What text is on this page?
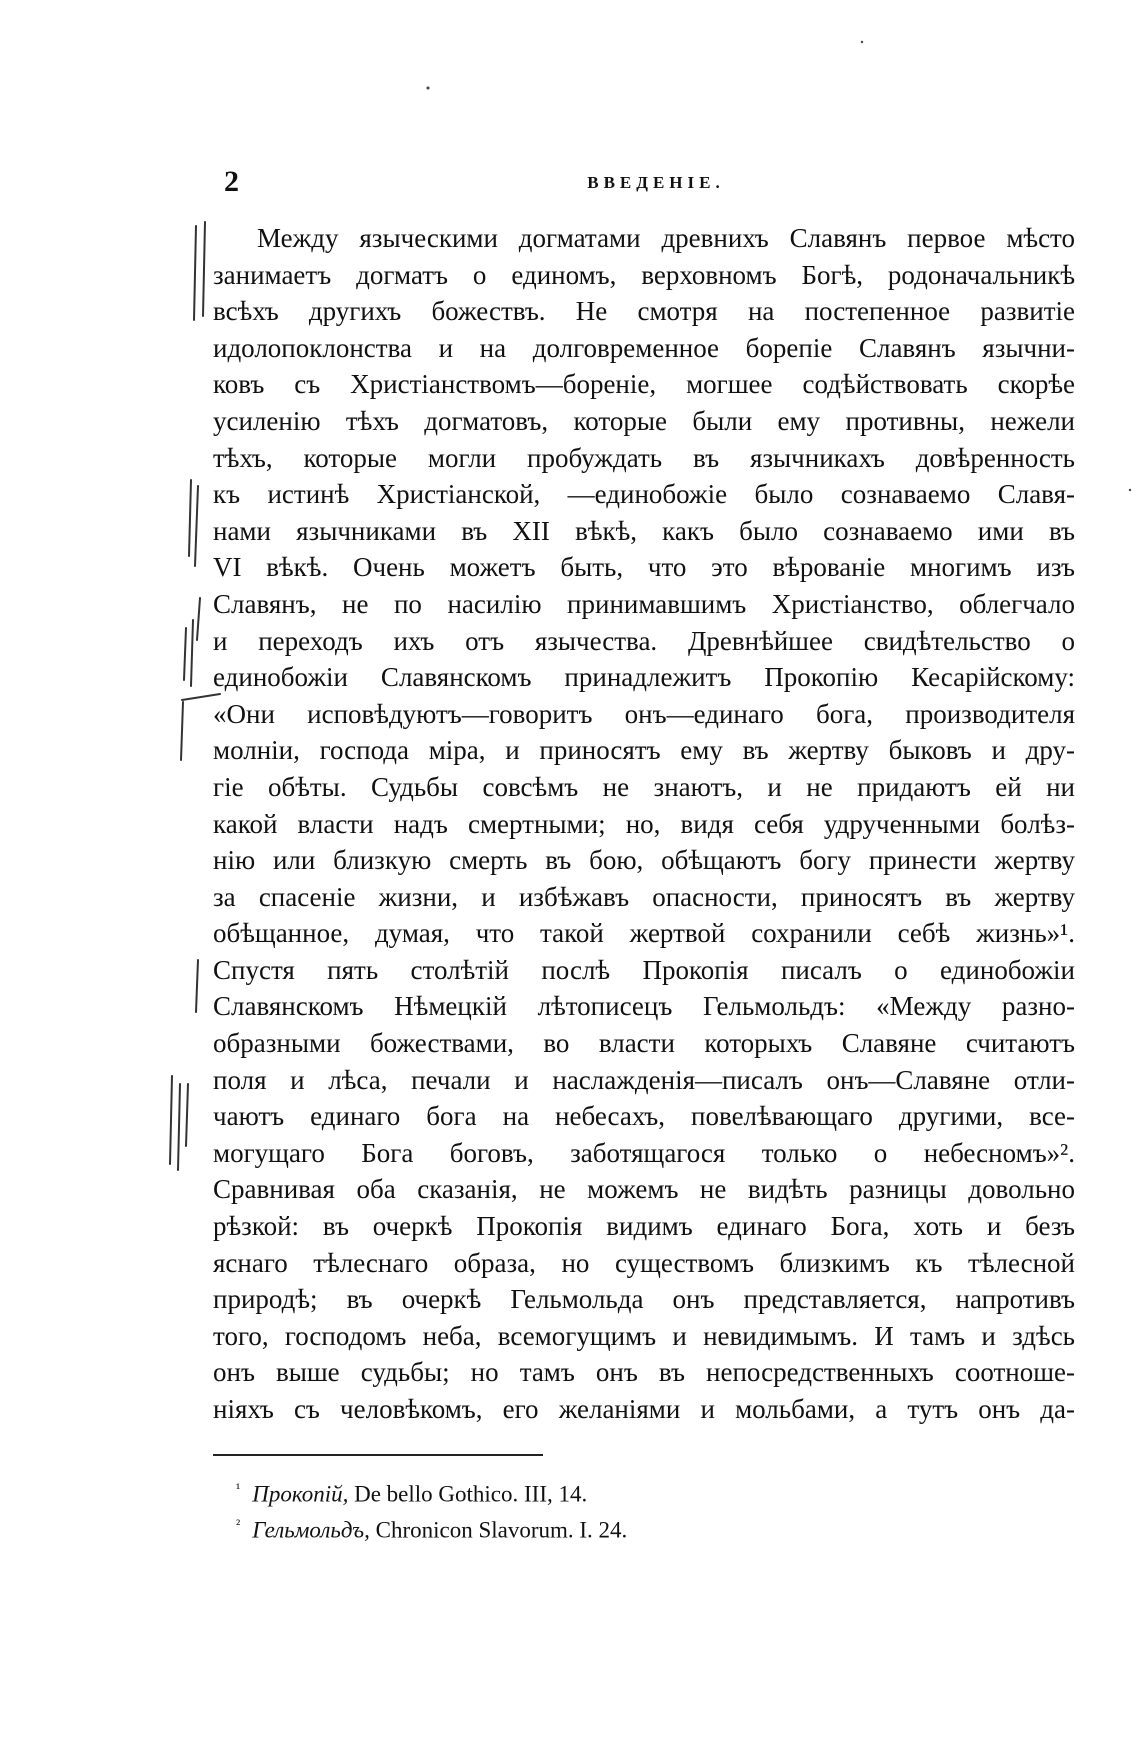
2	ВВЕДЕНІЕ.
Между языческими догматами древнихъ Славянъ первое мѣсто
занимаетъ догматъ о единомъ, верховномъ Богѣ, родоначальникѣ
всѣхъ другихъ божествъ. Не смотря на постепенное развитіе
идолопоклонства и на долговременное борепіе Славянъ язычни-
ковъ съ Христіанствомъ—бореніе, могшее содѣйствовать скорѣе
усиленію тѣхъ догматовъ, которые были ему противны, нежели
тѣхъ, которые могли пробуждать въ язычникахъ довѣренность
къ истинѣ Христіанской, —единобожіе было сознаваемо Славя-
нами язычниками въ XII вѣкѣ, какъ было сознаваемо ими въ
VI вѣкѣ. Очень можетъ быть, что это вѣрованіе многимъ изъ
Славянъ, не по насилію принимавшимъ Христіанство, облегчало
и переходъ ихъ отъ язычества. Древнѣйшее свидѣтельство о
единобожіи Славянскомъ принадлежитъ Прокопію Кесарійскому:
«Они исповѣдуютъ—говоритъ онъ—единаго бога, производителя
молніи, господа міра, и приносятъ ему въ жертву быковъ и дру-
гіе обѣты. Судьбы совсѣмъ не знаютъ, и не придаютъ ей ни
какой власти надъ смертными; но, видя себя удрученными болѣз-
нію или близкую смерть въ бою, обѣщаютъ богу принести жертву
за спасеніе жизни, и избѣжавъ опасности, приносятъ въ жертву
обѣщанное, думая, что такой жертвой сохранили себѣ жизнь»¹.
Спустя пять столѣтій послѣ Прокопія писалъ о единобожіи
Славянскомъ Нѣмецкій лѣтописецъ Гельмольдъ: «Между разно-
образными божествами, во власти которыхъ Славяне считаютъ
поля и лѣса, печали и наслажденія—писалъ онъ—Славяне отли-
чаютъ единаго бога на небесахъ, повелѣвающаго другими, все-
могущаго Бога боговъ, заботящагося только о небесномъ»².
Сравнивая оба сказанія, не можемъ не видѣть разницы довольно
рѣзкой: въ очеркѣ Прокопія видимъ единаго Бога, хоть и безъ
яснаго тѣлеснаго образа, но существомъ близкимъ къ тѣлесной
природѣ; въ очеркѣ Гельмольда онъ представляется, напротивъ
того, господомъ неба, всемогущимъ и невидимымъ. И тамъ и здѣсь
онъ выше судьбы; но тамъ онъ въ непосредственныхъ соотноше-
ніяхъ съ человѣкомъ, его желаніями и мольбами, а тутъ онъ да-
$^{^1}$ Прокопій, De bello Gothico. III, 14.
$^{^2}$ Гельмольдъ, Chronicon Slavorum. I. 24.
